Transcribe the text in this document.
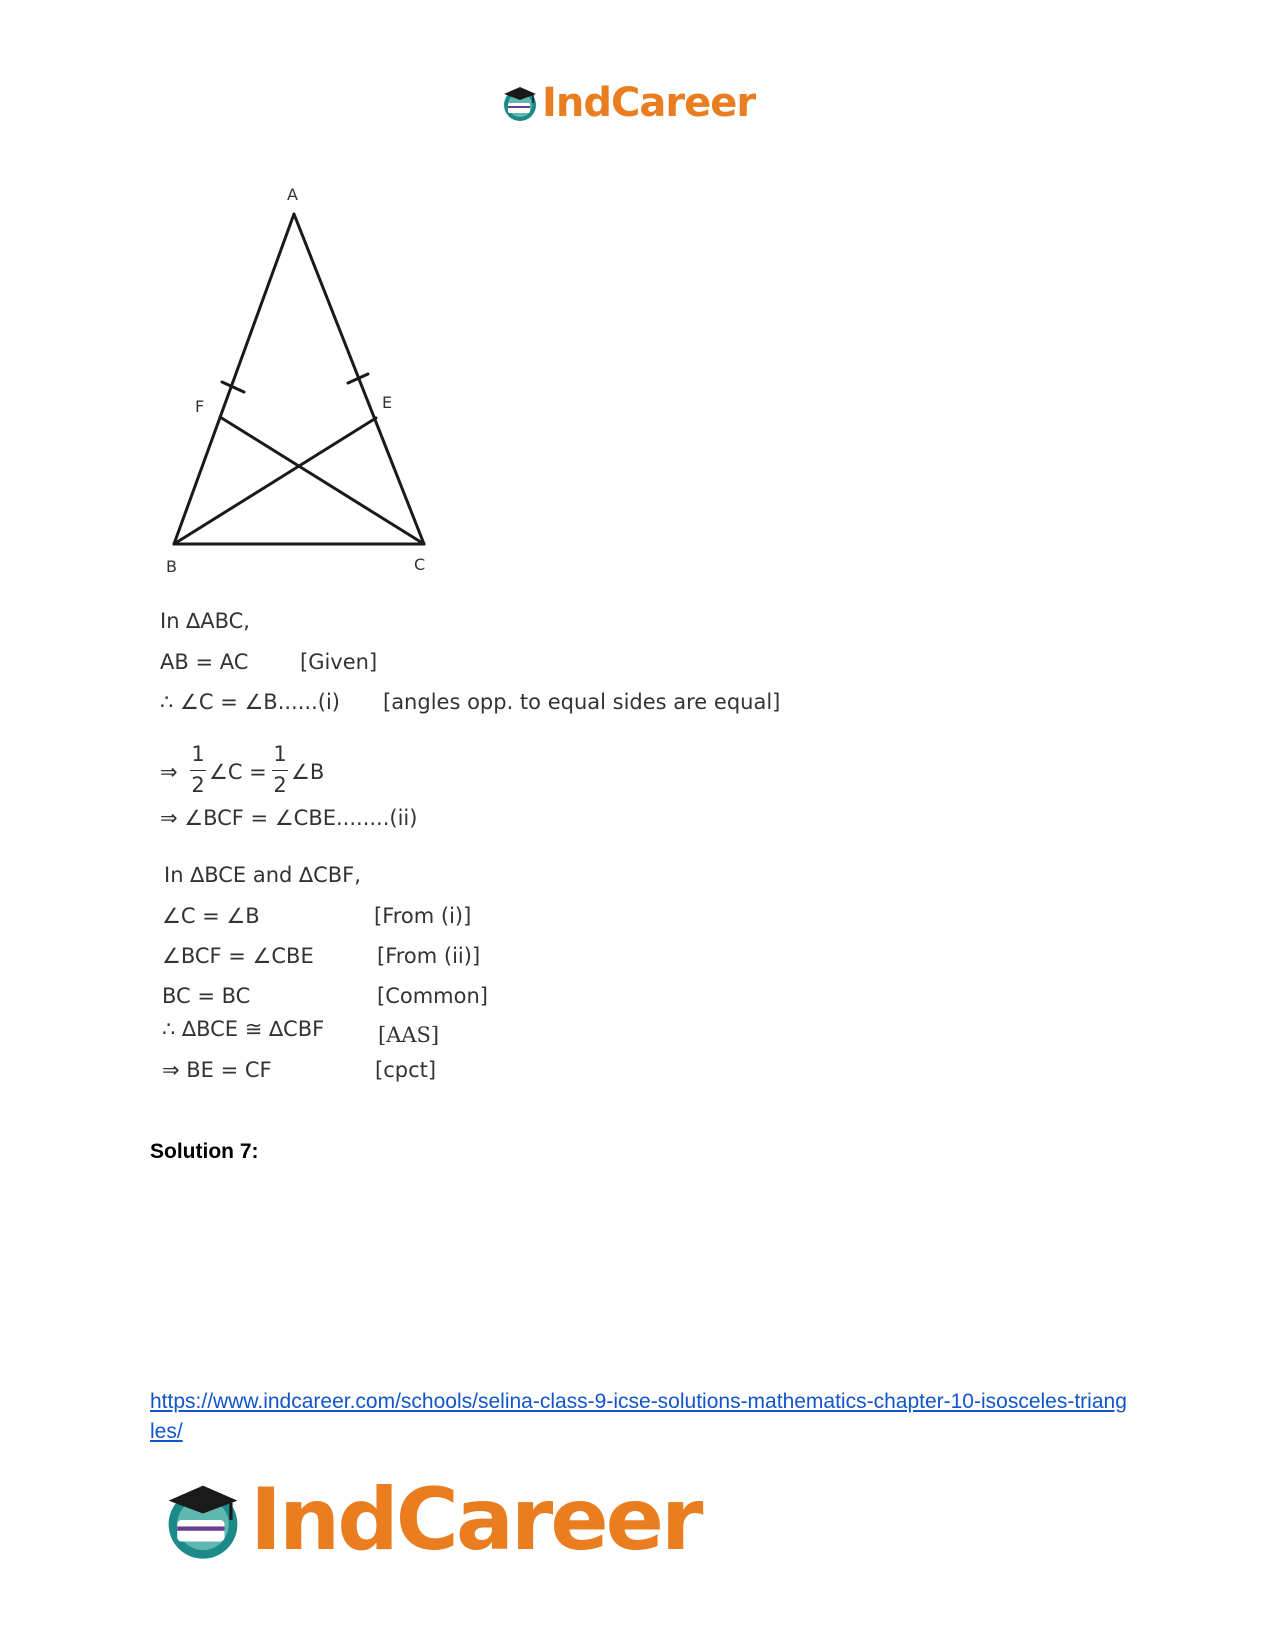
IndCareer
A
F	E
B	C
In ∆ABC,
AB = AC [Given]
∴ ∠C = ∠B......(i) [angles opp. to equal sides are equal]
⇒
1
2
∠C =
1
2
∠B
⇒ ∠BCF = ∠CBE........(ii)
In ∆BCE and ∆CBF,
∠C = ∠B	[From (i)]
∠BCF = ∠CBE	[From (ii)]
BC = BC	[Common]
∴ ∆BCE ≅ ∆CBF	[AAS]
⇒ BE = CF	[cpct]
Solution 7:
https://www.indcareer.com/schools/selina-class-9-icse-solutions-mathematics-chapter-10-isosceles-triangles/
IndCareer
